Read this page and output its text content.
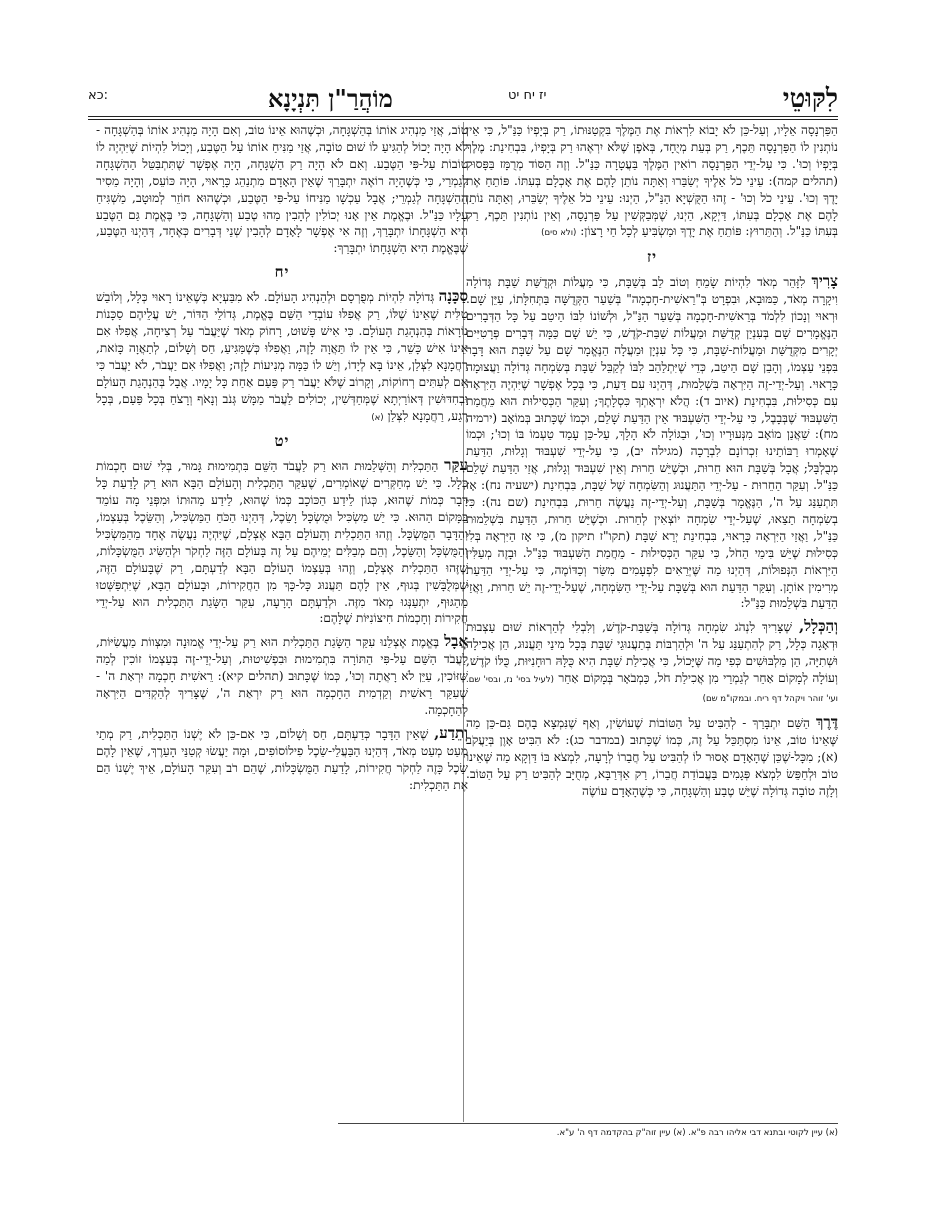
כא:	מוֹהֲרַ"ן תִּנְיָנָא	יז יח יט	לִקּוּטֵי

הַפַּרְנָסָה אֵלָיו, וְעַל-כֵּן לֹא יָבוֹא לִרְאוֹת אֶת הַמֶּלֶךְ בִּקְטַנּוּתוֹ, רַק בְּיָפְיוֹ כַּנַּ"ל, כִּי אֵין נוֹתְנִין לוֹ הַפַּרְנָסָה תֵּכֶף, רַק בְּעֵת מְיֻחָד, בְּאֹפֶן שֶׁלֹּא יִרְאֶהוּ רַק בְּיָפְיוֹ, בִּבְחִינַת: מֶלֶךְ בְּיָפְיוֹ וְכוּ'. כִּי עַל-יְדֵי הַפַּרְנָסָה רוֹאִין הַמֶּלֶךְ בַּעֲטָרָה כַּנַּ"ל. וְזֶה הַסּוֹד מְרֻמָּז בַּפָּסוּק (תהלים קמה): עֵינֵי כֹל אֵלֶיךָ יְשַׂבֵּרוּ וְאַתָּה נוֹתֵן לָהֶם אֶת אָכְלָם בְּעִתּוֹ. פּוֹתֵחַ אֶת יָדֶךָ וְכוּ'. עֵינֵי כֹל וְכוּ' - זֶהוּ הַקֻּשְׁיָא הַנַּ"ל, הַיְנוּ: עֵינֵי כֹל אֵלֶיךָ יְשַׂבֵּרוּ, וְאַתָּה נוֹתֵן לָהֶם אֶת אָכְלָם בְּעִתּוֹ, דַּיְקָא, הַיְנוּ, שֶׁמְּבַקְּשִׁין עַל פַּרְנָסָה, וְאֵין נוֹתְנִין תֵּכֶף, רַק בְּעִתּוֹ כַּנַּ"ל. וְהַתֵּרוּץ: פּוֹתֵחַ אֶת יָדֶךָ וּמַשְׂבִּיעַ לְכָל חַי רָצוֹן: (ולא סים)

יז

צָרִיךְ לִזָּהֵר מְאֹד לִהְיוֹת שָׂמֵחַ וְטוֹב לֵב בְּשַׁבָּת, כִּי מַעֲלוֹת וּקְדֻשַּׁת שַׁבָּת גְּדוֹלָה וִיקָרָה מְאֹד, כַּמּוּבָא, וּבִפְרָט בְּ"רֵאשִׁית-חָכְמָה" בְּשַׁעַר הַקְּדֻשָּׁה בַּתְּחִלָּתוֹ, עַיֵּן שָׁם. וּרְאוּי וְנָכוֹן לִלְמֹד בְּרֵאשִׁית-חָכְמָה בְּשַׁעַר הַנַּ"ל, וּלְשׁוֹנוֹ לִבּוֹ הֵיטֵב עַל כָּל הַדְּבָרִים הַנֶּאֱמָרִים שָׁם בְּעִנְיַן קְדֻשַּׁת וּמַעֲלוֹת שַׁבַּת-קֹדֶשׁ, כִּי יֵשׁ שָׁם כַּמָּה דְּבָרִים פְּרָטִיִּים יְקָרִים מִקְּדֻשַּׁת וּמַעֲלוֹת-שַׁבָּת, כִּי כָּל עִנְיָן וּמַעֲלָה הַנֶּאֱמָר שָׁם עַל שַׁבָּת הוּא דָּבָר בִּפְנֵי עַצְמוֹ, וְהָבֵן שָׁם הֵיטֵב, כְּדֵי שֶׁיִּתְלַהֵב לִבּוֹ לְקַבֵּל שַׁבָּת בְּשִׂמְחָה גְּדוֹלָה וַעֲצוּמָה כָּרָאוּי. וְעַל-יְדֵי-זֶה הַיִּרְאָה בִּשְׁלֵמוּת, דְּהַיְנוּ עִם דַּעַת, כִּי בְּכָל אֶפְשָׁר שֶׁיִּהְיֶה הַיִּרְאָה עִם כְּסִילוּת, בִּבְחִינַת (איוב ד): הֲלֹא יִרְאָתְךָ כִּסְלָתֶךָ; וְעִקַּר הַכְּסִילוּת הוּא מֵחֲמַת הַשִּׁעְבּוּד שֶׁבְּבָבֶל, כִּי עַל-יְדֵי הַשִּׁעְבּוּד אֵין הַדַּעַת שָׁלֵם, וּכְמוֹ שֶׁכָּתוּב בְּמוֹאָב (ירמיה מח): שַׁאֲנַן מוֹאָב מִנְּעוּרָיו וְכוּ', וּבַגּוֹלָה לֹא הָלָךְ, עַל-כֵּן עָמַד טַעְמוֹ בּוֹ וְכוּ'; וּכְמוֹ שֶׁאָמְרוּ רַבּוֹתֵינוּ זִכְרוֹנָם לִבְרָכָה (מגילה יב), כִּי עַל-יְדֵי שִׁעְבּוּד וְגָלוּת, הַדַּעַת מְבֻלְבָּל; אֲבָל בְּשַׁבָּת הוּא חֵרוּת, וּכְשֶׁיֵּשׁ חֵרוּת וְאֵין שִׁעְבּוּד וְגָלוּת, אֲזַי הַדַּעַת שָׁלֵם כַּנַּ"ל. וְעִקַּר הַחֵרוּת - עַל-יְדֵי הַתַּעֲנוּג וְהַשִּׂמְחָה שֶׁל שַׁבָּת, בִּבְחִינַת (ישעיה נח): אָז תִּתְעַנַּג עַל ה', הַנֶּאֱמָר בְּשַׁבָּת, וְעַל-יְדֵי-זֶה נַעֲשֶׂה חֵרוּת, בִּבְחִינַת (שם נה): כִּי בְשִׂמְחָה תֵצֵאוּ, שֶׁעַל-יְדֵי שִׂמְחָה יוֹצְאִין לְחֵרוּת. וּכְשֶׁיֵּשׁ חֵרוּת, הַדַּעַת בִּשְׁלֵמוּת כַּנַּ"ל, וַאֲזַי הַיִּרְאָה כָּרָאוּי, בִּבְחִינַת יְרֵא שַׁבָּת (תקו"ז תיקון מ), כִּי אָז הַיִּרְאָה בְּלִי כְּסִילוּת שֶׁיֵּשׁ בִּימֵי הַחֹל, כִּי עִקַּר הַכְּסִילוּת - מֵחֲמַת הַשִּׁעְבּוּד כַּנַּ"ל. וּבָזֶה מְעַלִּין הַיִּרְאוֹת הַנְּפוּלוֹת, דְּהַיְנוּ מַה שֶּׁיְּרֵאִים לִפְעָמִים מִשַּׂר וְכַדּוֹמֶה, כִּי עַל-יְדֵי הַדַּעַת מְרִימִין אוֹתָן. וְעִקַּר הַדַּעַת הוּא בְּשַׁבָּת עַל-יְדֵי הַשִּׂמְחָה, שֶׁעַל-יְדֵי-זֶה יֵשׁ חֵרוּת, וַאֲזַי הַדַּעַת בִּשְׁלֵמוּת כַּנַּ"ל:

וְהַכְּלָל, שֶׁצָּרִיךְ לִנְהֹג שִׂמְחָה גְּדוֹלָה בְּשַׁבַּת-קֹדֶשׁ, וְלִבְלִי לְהַרְאוֹת שׁוּם עַצְבוּת וּדְאָגָה כְּלָל, רַק לְהִתְעַנֵּג עַל ה' וּלְהַרְבּוֹת בְּתַעֲנוּגֵי שַׁבָּת בְּכָל מִינֵי תַּעֲנוּג, הֵן אֲכִילָה וּשְׁתִיָּה, הֵן מַלְבּוּשִׁים כְּפִי מַה שֶּׁיָּכוֹל, כִּי אֲכִילַת שַׁבָּת הִיא כֻּלָּהּ רוּחָנִיּוּת, כֻּלּוֹ קֹדֶשׁ, וְעוֹלָה לְמָקוֹם אַחֵר לְגַמְרֵי מִן אֲכִילַת חֹל, כַּמְבֹאָר בְּמָקוֹם אַחֵר (לעיל בסי' נז, ובסי' שם. ועי' זוהר ויקהל דף ריח. ובמקו"מ שם)

דֶּרֶךְ הַשֵּׁם יִתְבָּרַךְ - לְהַבִּיט עַל הַטּוֹבוֹת שֶׁעוֹשִׂין, וְאַף שֶׁנִּמְצָא בָהֶם גַּם-כֵּן מַה שֶּׁאֵינוֹ טוֹב, אֵינוֹ מִסְתַּכֵּל עַל זֶה, כְּמוֹ שֶׁכָּתוּב (במדבר כג): לֹא הִבִּיט אָוֶן בְּיַעֲקֹב (א); מִכָּל-שֶׁכֵּן שֶׁהָאָדָם אָסוּר לוֹ לְהַבִּיט עַל חֲבֵרוֹ לְרָעָה, לִמְצֹא בּוֹ דַּוְקָא מַה שֶּׁאֵינוֹ טוֹב וּלְחַפֵּשׂ לִמְצֹא פְּגָמִים בַּעֲבוֹדַת חֲבֵרוֹ, רַק אַדְּרַבָּא, מְחֻיָּב לְהַבִּיט רַק עַל הַטּוֹב. וְלָזֶה טוֹבָה גְּדוֹלָה שֶׁיֵּשׁ טֶבַע וְהַשְׁגָּחָה, כִּי כְּשֶׁהָאָדָם עוֹשֶׂה

טוֹב, אֲזַי מַנְהִיג אוֹתוֹ בְּהַשְׁגָּחָה, וּכְשֶׁהוּא אֵינוֹ טוֹב, וְאִם הָיָה מַנְהִיג אוֹתוֹ בְּהַשְׁגָּחָה - לֹא הָיָה יָכוֹל לְהַגִּיעַ לוֹ שׁוּם טוֹבָה, אֲזַי מַנִּיחַ אוֹתוֹ עַל הַטֶּבַע, וְיָכוֹל לִהְיוֹת שֶׁיִּהְיֶה לוֹ טוֹבוֹת עַל-פִּי הַטֶּבַע. וְאִם לֹא הָיָה רַק הַשְׁגָּחָה, הָיָה אֶפְשָׁר שֶׁתִּתְבַּטֵּל הַהַשְׁגָּחָה לְגַמְרֵי, כִּי כְּשֶׁהָיָה רוֹאֶה יִתְבָּרַךְ שֶׁאֵין הָאָדָם מִתְנַהֵג כָּרָאוּי, הָיָה כּוֹעֵס, וְהָיָה מֵסִיר הַהַשְׁגָּחָה לְגַמְרֵי; אֲבָל עַכְשָׁו מַנִּיחוֹ עַל-פִּי הַטֶּבַע, וּכְשֶׁהוּא חוֹזֵר לְמוּטָב, מַשְׁגִּיחַ עָלָיו כַּנַּ"ל. וּבֶאֱמֶת אֵין אָנוּ יְכוֹלִין לְהָבִין מַהוּ טֶבַע וְהַשְׁגָּחָה, כִּי בֶּאֱמֶת גַּם הַטֶּבַע הִיא הַשְׁגָּחָתוֹ יִתְבָּרַךְ, וְזֶה אִי אֶפְשָׁר לָאָדָם לְהָבִין שְׁנֵי דְּבָרִים כְּאֶחָד, דְּהַיְנוּ הַטֶּבַע, שֶׁבֶּאֱמֶת הִיא הַשְׁגָּחָתוֹ יִתְבָּרַךְ:

יח

סַכָּנָה גְּדוֹלָה לִהְיוֹת מְפֻרְסָם וּלְהַנְהִיג הָעוֹלָם. לֹא מִבַּעְיָא כְּשֶׁאֵינוֹ רָאוּי כְּלָל, וְלוֹבֵשׁ טַלִּית שֶׁאֵינוֹ שֶׁלּוֹ, רַק אֲפִלּוּ עוֹבְדֵי הַשֵּׁם בֶּאֱמֶת, גְּדוֹלֵי הַדּוֹר, יֵשׁ עֲלֵיהֶם סַכָּנוֹת נוֹרָאוֹת בְּהַנְהָגַת הָעוֹלָם. כִּי אִישׁ פָּשׁוּט, רָחוֹק מְאֹד שֶׁיַּעֲבֹר עַל רְצִיחָה, אֲפִלּוּ אִם אֵינוֹ אִישׁ כָּשֵׁר, כִּי אֵין לוֹ תַּאֲוָה לָזֶה, וַאֲפִלּוּ כְּשֶׁמַּגִּיעַ, חַס וְשָׁלוֹם, לְתַאֲוָה כָּזֹאת, רַחֲמָנָא לִצְּלַן, אֵינוֹ בָּא לְיָדוֹ, וְיֵשׁ לוֹ כַּמָּה מְנִיעוֹת לָזֶה; וַאֲפִלּוּ אִם יַעֲבֹר, לֹא יַעֲבֹר כִּי אִם לְעִתִּים רְחוֹקוֹת, וְקָרוֹב שֶׁלֹּא יַעֲבֹר רַק פַּעַם אַחַת כָּל יָמָיו. אֲבָל בְּהַנְהָגַת הָעוֹלָם וּבְחִדּוּשִׁין דְּאוֹרַיְתָא שֶׁמְּחַדְּשִׁין, יְכוֹלִים לַעֲבֹר מַמָּשׁ גְּנֹב וְנָאֹף וְרָצֹחַ בְּכָל פַּעַם, בְּכָל רֶגַע, רַחֲמָנָא לִצְּלַן (א)

יט

עִקַּר הַתַּכְלִית וְהַשְּׁלֵמוּת הוּא רַק לַעֲבֹד הַשֵּׁם בִּתְמִימוּת גָּמוּר, בְּלִי שׁוּם חָכְמוֹת כְּלָל. כִּי יֵשׁ מְחַקְּרִים שֶׁאוֹמְרִים, שֶׁעִקַּר הַתַּכְלִית וְהָעוֹלָם הַבָּא הוּא רַק לָדַעַת כָּל דָּבָר כְּמוֹת שֶׁהוּא, כְּגוֹן לֵידַע הַכּוֹכָב כְּמוֹ שֶׁהוּא, לֵידַע מַהוּתוֹ וּמִפְּנֵי מָה עוֹמֵד בַּמָּקוֹם הַהוּא. כִּי יֵשׁ מַשְׂכִּיל וּמֻשְׂכָּל וָשֵׂכֶל, דְּהַיְנוּ הַכֹּחַ הַמַּשְׂכִּיל, וְהַשֵּׂכֶל בְּעַצְמוֹ, וְהַדָּבָר הַמֻּשְׂכָּל. וְזֶהוּ הַתַּכְלִית וְהָעוֹלָם הַבָּא אֶצְלָם, שֶׁיִּהְיֶה נַעֲשֶׂה אֶחָד מֵהַמַּשְׂכִּיל וְהַמֻּשְׂכָּל וְהַשֵּׂכֶל, וְהֵם מְבַלִּים יְמֵיהֶם עַל זֶה בָּעוֹלָם הַזֶּה לַחְקֹר וּלְהַשִּׂיג הַמֻּשְׂכָּלוֹת, שֶׁזֶּהוּ הַתַּכְלִית אֶצְלָם, וְזֶהוּ בְּעַצְמוֹ הָעוֹלָם הַבָּא לְדַעְתָּם, רַק שֶׁבָּעוֹלָם הַזֶּה, שֶׁמְּלֻבָּשִׁין בְּגוּף, אֵין לָהֶם תַּעֲנוּג כָּל-כָּךְ מִן הַחֲקִירוֹת, וּבָעוֹלָם הַבָּא, שֶׁיִּתְפַּשְּׁטוּ מֵהַגּוּף, יִתְעַנְּגוּ מְאֹד מִזֶּה. וּלְדַעְתָּם הָרָעָה, עִקַּר הַשָּׂגַת הַתַּכְלִית הוּא עַל-יְדֵי חֲקִירוֹת וְחָכְמוֹת חִיצוֹנִיּוֹת שֶׁלָּהֶם:

אֲבָל בֶּאֱמֶת אֶצְלֵנוּ עִקַּר הַשָּׂגַת הַתַּכְלִית הוּא רַק עַל-יְדֵי אֱמוּנָה וּמִצְווֹת מַעֲשִׂיּוֹת, לַעֲבֹד הַשֵּׁם עַל-פִּי הַתּוֹרָה בִּתְמִימוּת וּבִפְשִׁיטוּת, וְעַל-יְדֵי-זֶה בְּעַצְמוֹ זוֹכִין לְמַה שֶּׁזּוֹכִין, עַיֵּן לֹא רָאֲתָה וְכוּ', כְּמוֹ שֶׁכָּתוּב (תהלים קיא): רֵאשִׁית חָכְמָה יִרְאַת ה' - שֶׁעִקַּר רֵאשִׁית וְקַדְמִית הַחָכְמָה הוּא רַק יִרְאַת ה', שֶׁצָּרִיךְ לְהַקְדִּים הַיִּרְאָה לְהַחָכְמָה.

וְתֵדַע, שֶׁאֵין הַדָּבָר כְּדַעְתָּם, חַס וְשָׁלוֹם, כִּי אִם-כֵּן לֹא יֶשְׁנוֹ הַתַּכְלִית, רַק מְתֵי מְעַט מְעַט מְאֹד, דְּהַיְנוּ הַבַּעֲלֵי-שֵׂכֶל פִילוֹסוֹפִים, וּמָה יַעֲשׂוּ קְטַנֵּי הָעֵרֶךְ, שֶׁאֵין לָהֶם שֵׂכֶל כָּזֶה לַחְקֹר חֲקִירוֹת, לָדַעַת הַמֻּשְׂכָּלוֹת, שֶׁהֵם רֹב וְעִקַּר הָעוֹלָם, אֵיךְ יֶשְׁנוֹ הֵם אֶת הַתַּכְלִית:

(א) עיין לקוטי ובתנא דבי אליהו רבה פ"א. (א) עיין זוה"ק בהקדמה דף ה' ע"א.
